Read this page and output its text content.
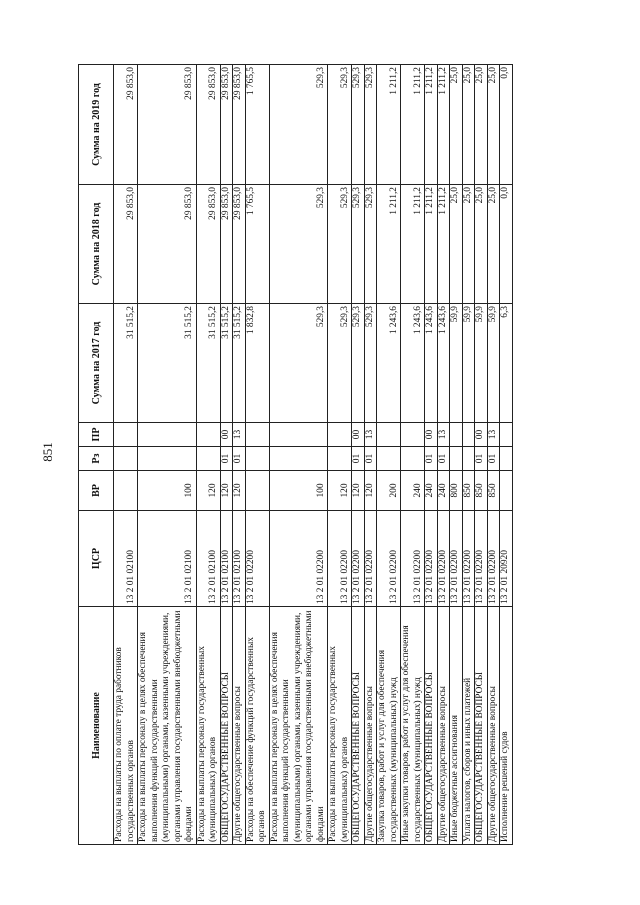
851
Наименование	ЦСР	ВР	Рз	ПР	Сумма на 2017 год	Сумма на 2018 год	Сумма на 2019 год
Расходы на выплаты по оплате труда работников государственных органов	13 2 01 02100				31 515,2	29 853,0	29 853,0
Расходы на выплаты персоналу в целях обеспечения выполнения функций государственными (муниципальными) органами, казенными учреждениями, органами управления государственными внебюджетными фондами	13 2 01 02100	100			31 515,2	29 853,0	29 853,0
Расходы на выплаты персоналу государственных (муниципальных) органов	13 2 01 02100	120			31 515,2	29 853,0	29 853,0
ОБЩЕГОСУДАРСТВЕННЫЕ ВОПРОСЫ	13 2 01 02100	120	01	00	31 515,2	29 853,0	29 853,0
Другие общегосударственные вопросы	13 2 01 02100	120	01	13	31 515,2	29 853,0	29 853,0
Расходы на обеспечение функций государственных органов	13 2 01 02200				1 832,8	1 765,5	1 765,5
Расходы на выплаты персоналу в целях обеспечения выполнения функций государственными (муниципальными) органами, казенными учреждениями, органами управления государственными внебюджетными фондами	13 2 01 02200	100			529,3	529,3	529,3
Расходы на выплаты персоналу государственных (муниципальных) органов	13 2 01 02200	120			529,3	529,3	529,3
ОБЩЕГОСУДАРСТВЕННЫЕ ВОПРОСЫ	13 2 01 02200	120	01	00	529,3	529,3	529,3
Другие общегосударственные вопросы	13 2 01 02200	120	01	13	529,3	529,3	529,3
Закупка товаров, работ и услуг для обеспечения государственных (муниципальных) нужд	13 2 01 02200	200			1 243,6	1 211,2	1 211,2
Иные закупки товаров, работ и услуг для обеспечения государственных (муниципальных) нужд	13 2 01 02200	240			1 243,6	1 211,2	1 211,2
ОБЩЕГОСУДАРСТВЕННЫЕ ВОПРОСЫ	13 2 01 02200	240	01	00	1 243,6	1 211,2	1 211,2
Другие общегосударственные вопросы	13 2 01 02200	240	01	13	1 243,6	1 211,2	1 211,2
Иные бюджетные ассигнования	13 2 01 02200	800			59,9	25,0	25,0
Уплата налогов, сборов и иных платежей	13 2 01 02200	850			59,9	25,0	25,0
ОБЩЕГОСУДАРСТВЕННЫЕ ВОПРОСЫ	13 2 01 02200	850	01	00	59,9	25,0	25,0
Другие общегосударственные вопросы	13 2 01 02200	850	01	13	59,9	25,0	25,0
Исполнение решений судов	13 2 01 20920				6,3	0,0	0,0
